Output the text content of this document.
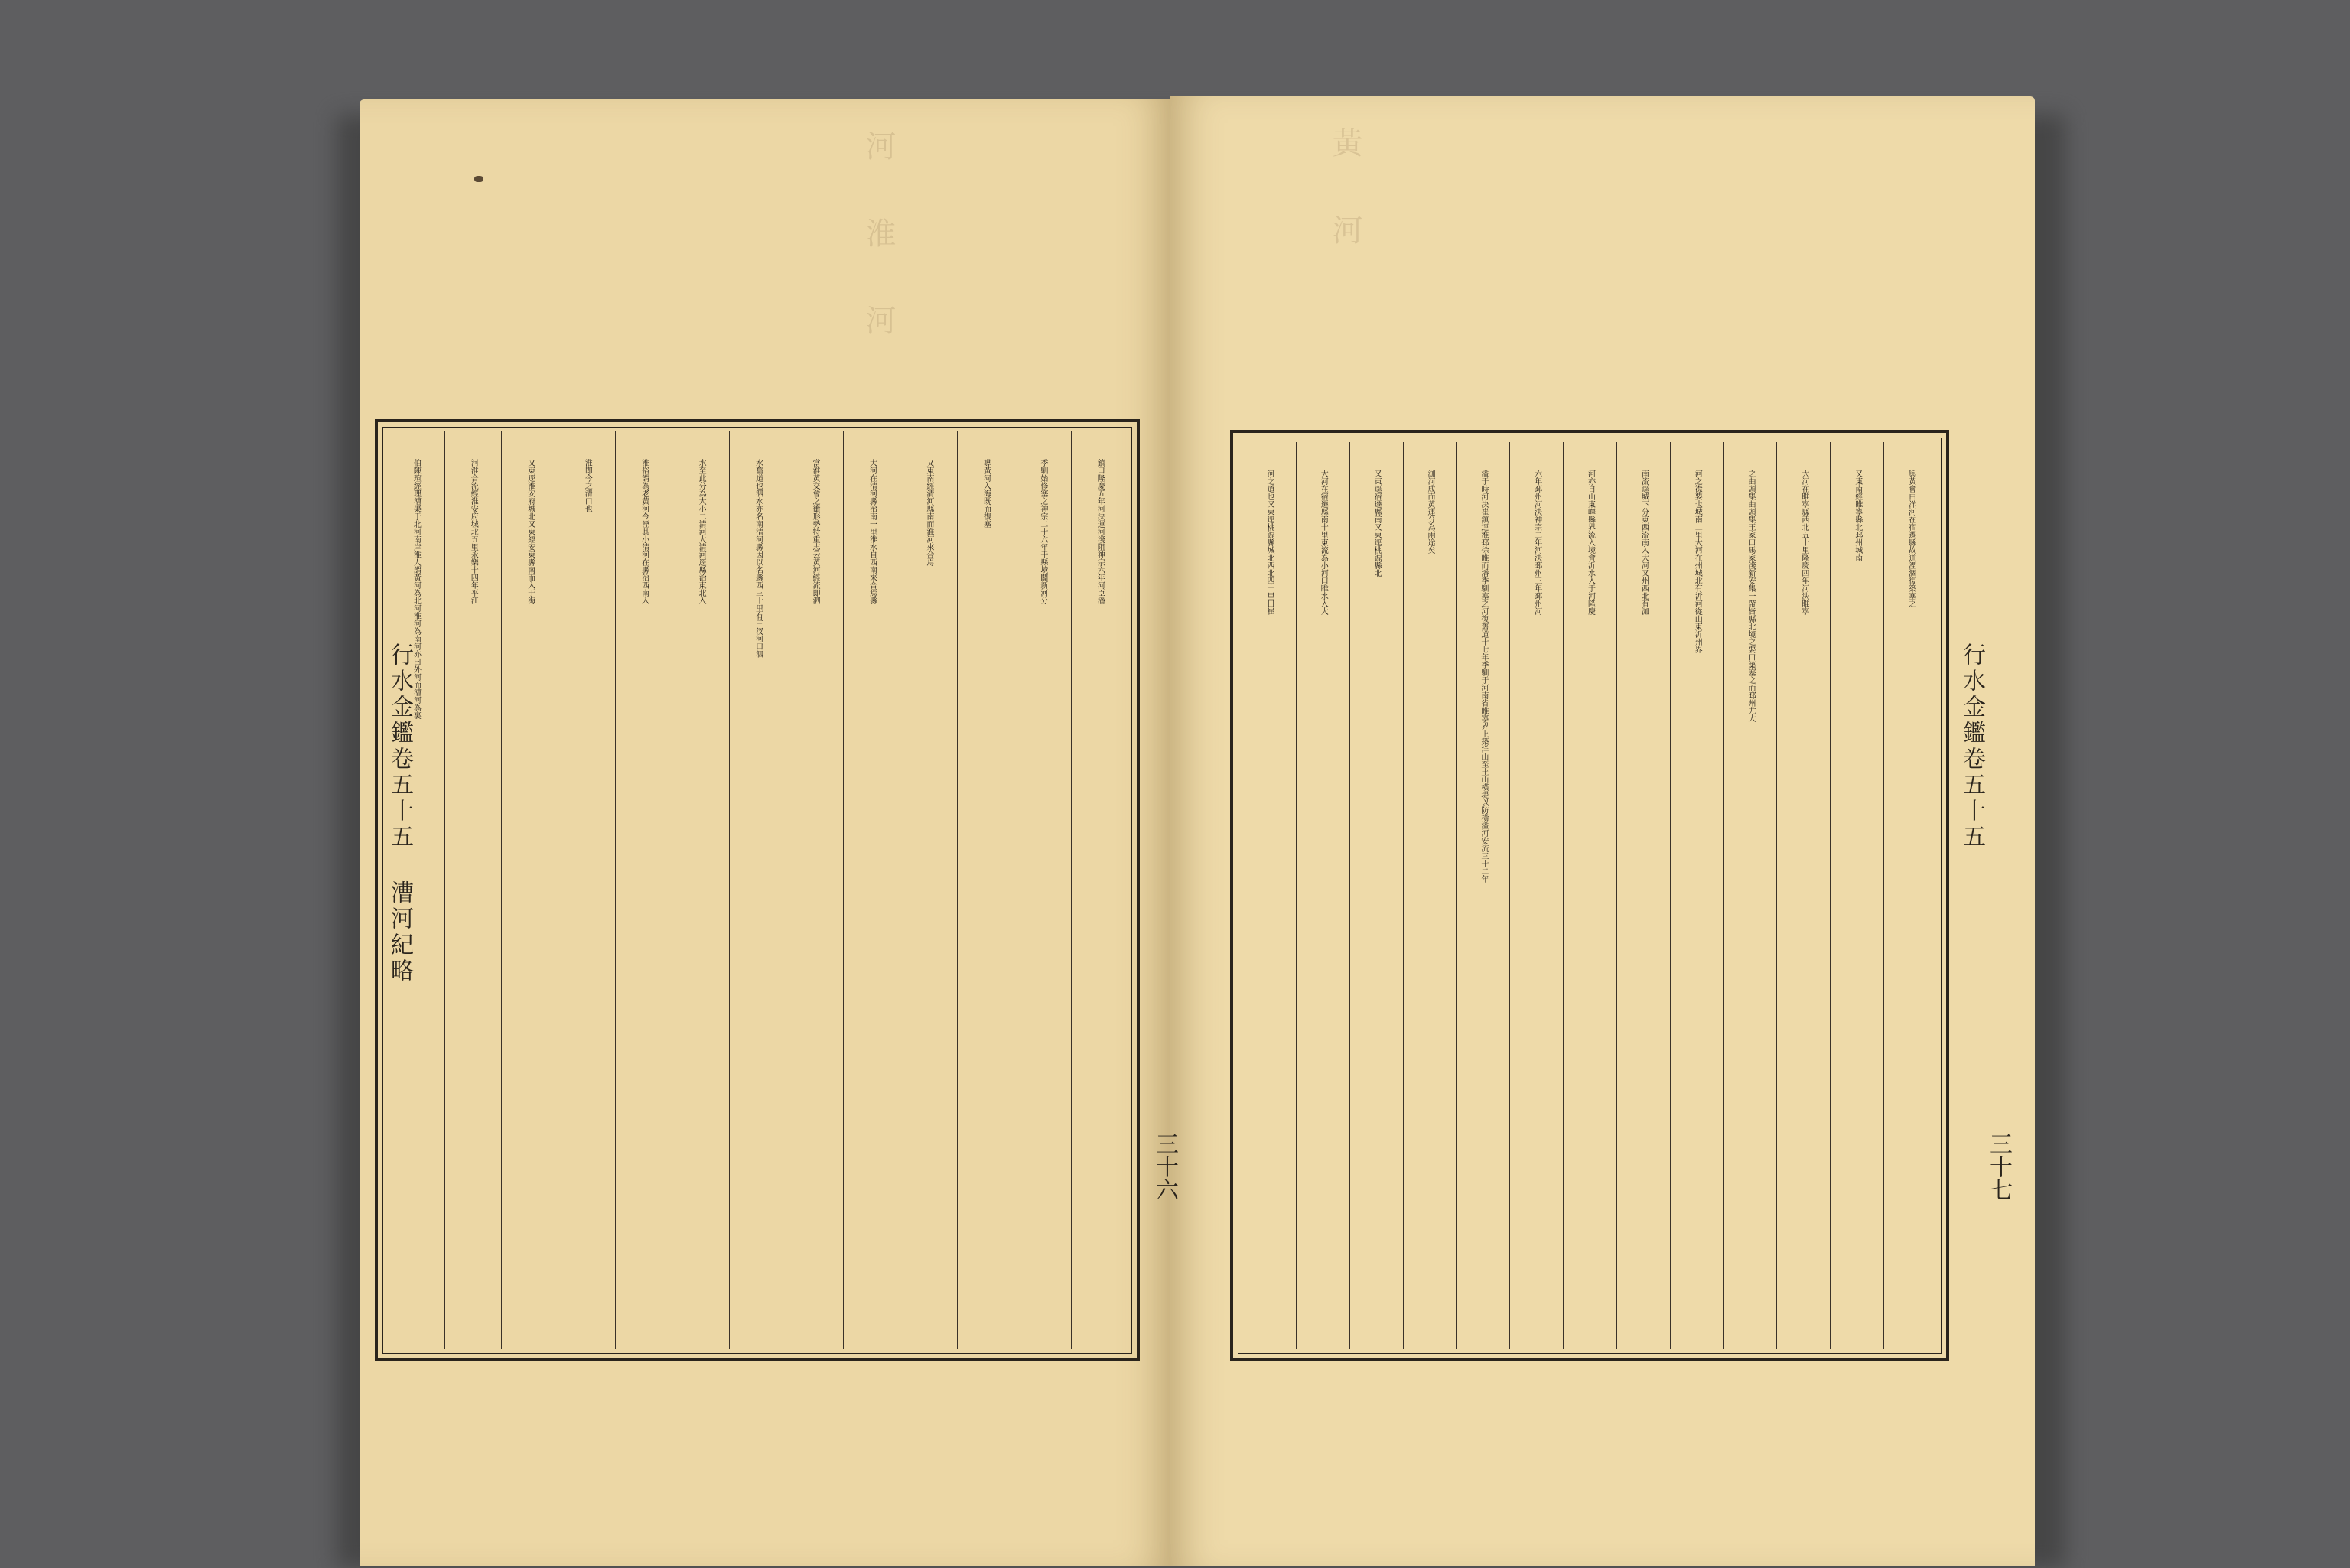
河 淮 河	黃 河
鎮口隆慶五年河決運河淺阻神宗六年河臣潘
季馴始修塞之神宗二十六年于縣境闢新河分
導黃河入海既而復塞
又東南經清河縣南而淮河來合焉
大河在清河縣治南一里淮水自西南來合焉縣
當淮黃交會之衝形勢特重志云黃河經流即泗
水舊道也泗水亦名南清河縣因以名縣西三十里有三汊河口泗
水至此分為大小二清河大清河逕縣治東北入
淮俗謂為老黃河今湮其小清河在縣治西南入
淮即今之清口也
又東逕淮安府城北又東經安東縣南而入于海
河淮合流經淮安府城北五里永樂十四年平江
伯陳瑄經理漕渠于北河南岸淮人謂黃河為北河淮河為南河亦曰外河而漕河為裏
行水金鑑卷五十五 漕河紀略
三十六
與黃會白洋河在宿遷縣故道湮涸復築塞之
又東南經睢寧縣北邳州城南
大河在睢寧縣西北五十里隆慶四年河決睢寧
之曲頭集曲頭集王家口馬家淺新安集一帶皆縣北境之要口築塞之而邳州尤大
河之襟要也城南二里大河在州城北有沂河從山東沂州界
南流逕城下分東西流南入大河又州西北有泇
河亦自山東嶧縣界流入境會沂水入于河隆慶
六年邳州河決神宗二年河決邳州三年邳州河
溢于時河決崔鎮逕淮邳徐睢而潘季馴塞之河復舊道十七年季馴于河南省睢寧界上築洋山至土山橫堤以防橫溢河安流三十二年
泇河成而黃運分為兩途矣
又東逕宿遷縣南又東逕桃源縣北
大河在宿遷縣南十里東流為小河口睢水入大
河之道也又東逕桃源縣城北西北四十里曰崔
行水金鑑卷五十五
三十七
